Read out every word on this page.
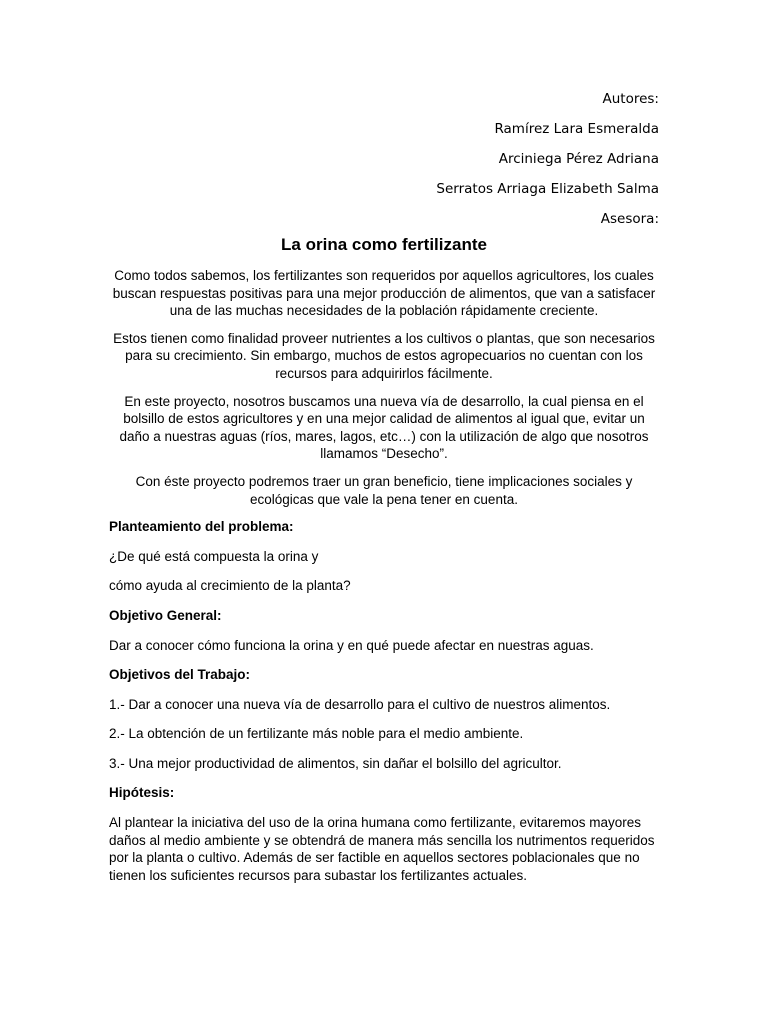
Autores:
Ramírez Lara Esmeralda
Arciniega Pérez Adriana
Serratos Arriaga Elizabeth Salma
Asesora:
La orina como fertilizante

Como todos sabemos, los fertilizantes son requeridos por aquellos agricultores, los cuales buscan respuestas positivas para una mejor producción de alimentos, que van a satisfacer una de las muchas necesidades de la población rápidamente creciente.

Estos tienen como finalidad proveer nutrientes a los cultivos o plantas, que son necesarios para su crecimiento. Sin embargo, muchos de estos agropecuarios no cuentan con los recursos para adquirirlos fácilmente.

En este proyecto, nosotros buscamos una nueva vía de desarrollo, la cual piensa en el bolsillo de estos agricultores y en una mejor calidad de alimentos al igual que, evitar un daño a nuestras aguas (ríos, mares, lagos, etc…) con la utilización de algo que nosotros llamamos “Desecho”.

Con éste proyecto podremos traer un gran beneficio, tiene implicaciones sociales y ecológicas que vale la pena tener en cuenta.

Planteamiento del problema:

¿De qué está compuesta la orina y

cómo ayuda al crecimiento de la planta?

Objetivo General:

Dar a conocer cómo funciona la orina y en qué puede afectar en nuestras aguas.

Objetivos del Trabajo:

1.- Dar a conocer una nueva vía de desarrollo para el cultivo de nuestros alimentos.

2.- La obtención de un fertilizante más noble para el medio ambiente.

3.- Una mejor productividad de alimentos, sin dañar el bolsillo del agricultor.

Hipótesis:

Al plantear la iniciativa del uso de la orina humana como fertilizante, evitaremos mayores daños al medio ambiente y se obtendrá de manera más sencilla los nutrimentos requeridos por la planta o cultivo. Además de ser factible en aquellos sectores poblacionales que no tienen los suficientes recursos para subastar los fertilizantes actuales.
